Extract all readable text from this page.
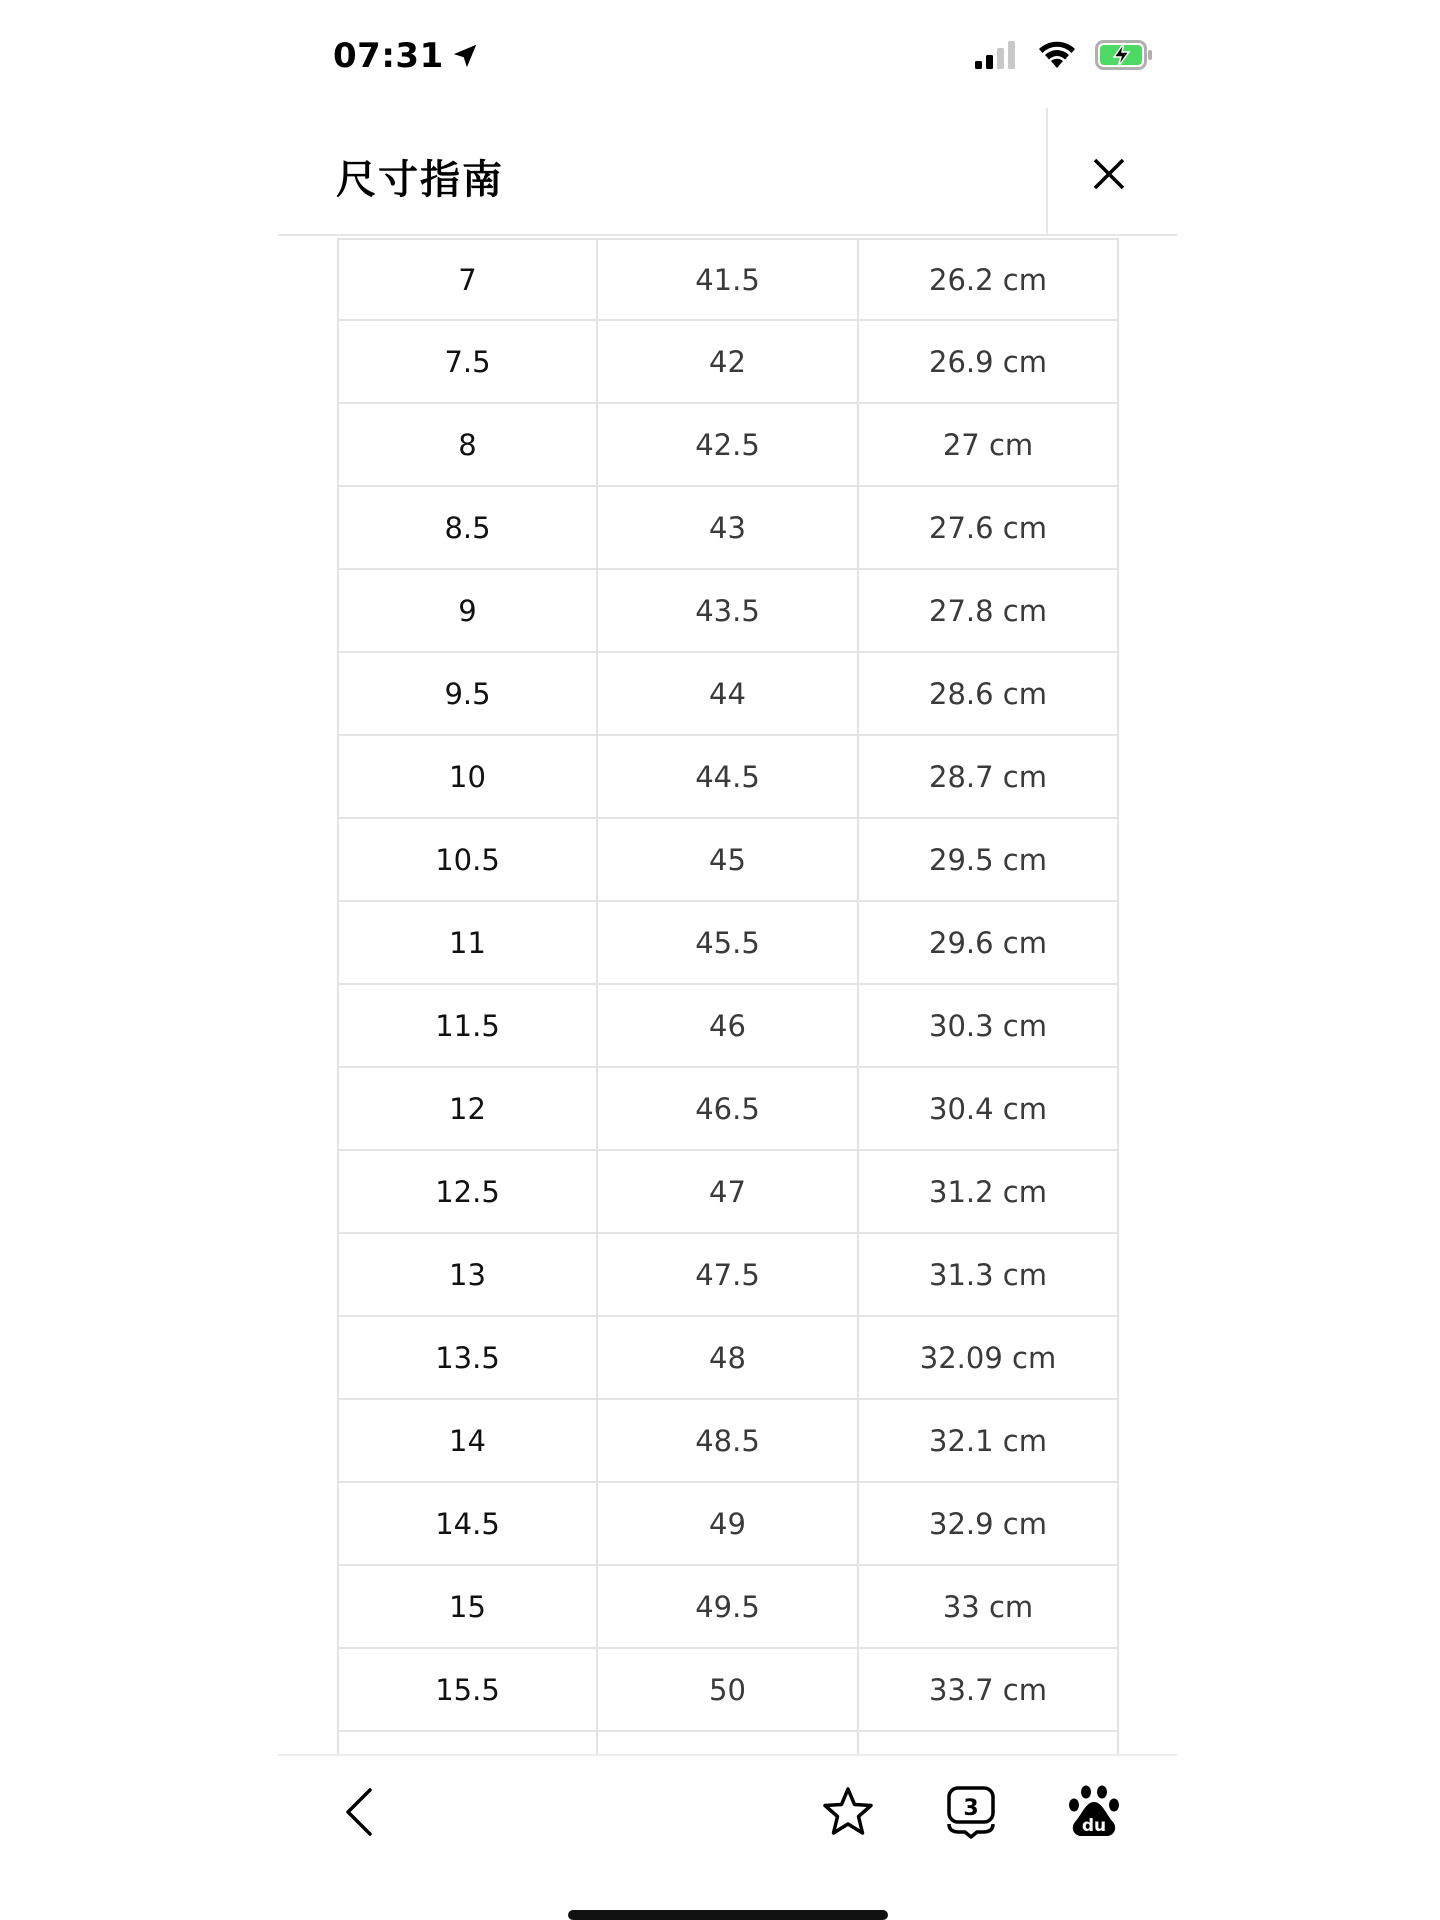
07:31
尺寸指南
7	41.5	26.2 cm
7.5	42	26.9 cm
8	42.5	27 cm
8.5	43	27.6 cm
9	43.5	27.8 cm
9.5	44	28.6 cm
10	44.5	28.7 cm
10.5	45	29.5 cm
11	45.5	29.6 cm
11.5	46	30.3 cm
12	46.5	30.4 cm
12.5	47	31.2 cm
13	47.5	31.3 cm
13.5	48	32.09 cm
14	48.5	32.1 cm
14.5	49	32.9 cm
15	49.5	33 cm
15.5	50	33.7 cm
3
du
